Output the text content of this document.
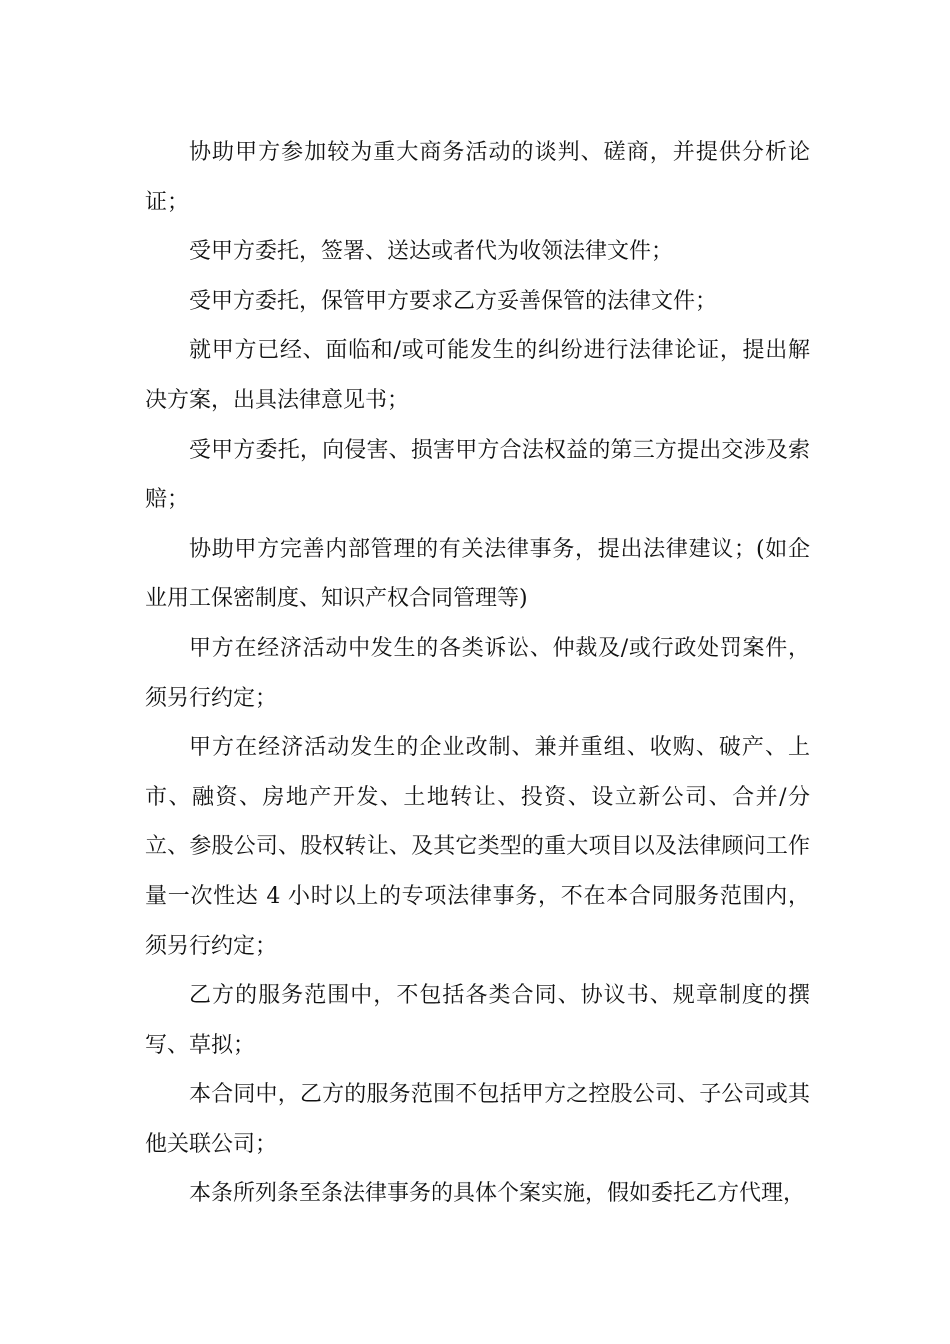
协助甲方参加较为重大商务活动的谈判、磋商，并提供分析论证；

受甲方委托，签署、送达或者代为收领法律文件；

受甲方委托，保管甲方要求乙方妥善保管的法律文件；

就甲方已经、面临和/或可能发生的纠纷进行法律论证，提出解决方案，出具法律意见书；

受甲方委托，向侵害、损害甲方合法权益的第三方提出交涉及索赔；

协助甲方完善内部管理的有关法律事务，提出法律建议；(如企业用工保密制度、知识产权合同管理等)

甲方在经济活动中发生的各类诉讼、仲裁及/或行政处罚案件，须另行约定；

甲方在经济活动发生的企业改制、兼并重组、收购、破产、上市、融资、房地产开发、土地转让、投资、设立新公司、合并/分立、参股公司、股权转让、及其它类型的重大项目以及法律顾问工作量一次性达 4 小时以上的专项法律事务，不在本合同服务范围内，须另行约定；

乙方的服务范围中，不包括各类合同、协议书、规章制度的撰写、草拟；

本合同中，乙方的服务范围不包括甲方之控股公司、子公司或其他关联公司；

本条所列条至条法律事务的具体个案实施，假如委托乙方代理，
